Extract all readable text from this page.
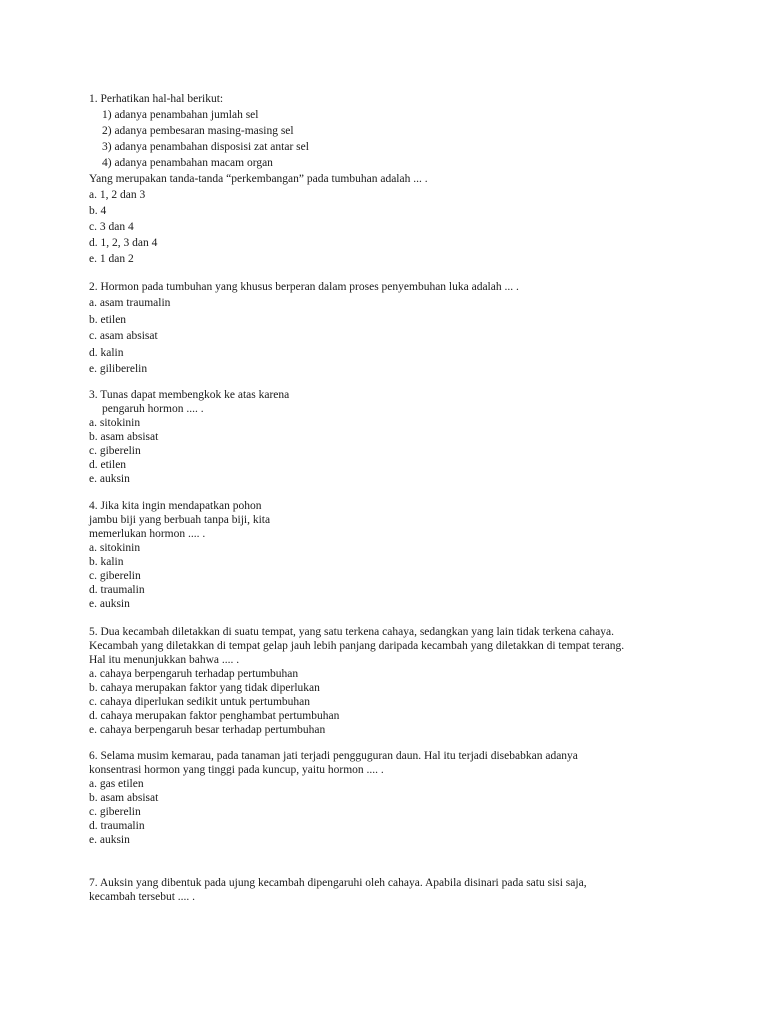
1. Perhatikan hal-hal berikut:
1) adanya penambahan jumlah sel
2) adanya pembesaran masing-masing sel
3) adanya penambahan disposisi zat antar sel
4) adanya penambahan macam organ
Yang merupakan tanda-tanda “perkembangan” pada tumbuhan adalah ... .
a. 1, 2 dan 3
b. 4
c. 3 dan 4
d. 1, 2, 3 dan 4
e. 1 dan 2
2. Hormon pada tumbuhan yang khusus berperan dalam proses penyembuhan luka adalah ... .
a. asam traumalin
b. etilen
c. asam absisat
d. kalin
e. giliberelin
3. Tunas dapat membengkok ke atas karena
pengaruh hormon .... .
a. sitokinin
b. asam absisat
c. giberelin
d. etilen
e. auksin
4. Jika kita ingin mendapatkan pohon
jambu biji yang berbuah tanpa biji, kita
memerlukan hormon .... .
a. sitokinin
b. kalin
c. giberelin
d. traumalin
e. auksin
5. Dua kecambah diletakkan di suatu tempat, yang satu terkena cahaya, sedangkan yang lain tidak terkena cahaya.
Kecambah yang diletakkan di tempat gelap jauh lebih panjang daripada kecambah yang diletakkan di tempat terang.
Hal itu menunjukkan bahwa .... .
a. cahaya berpengaruh terhadap pertumbuhan
b. cahaya merupakan faktor yang tidak diperlukan
c. cahaya diperlukan sedikit untuk pertumbuhan
d. cahaya merupakan faktor penghambat pertumbuhan
e. cahaya berpengaruh besar terhadap pertumbuhan
6. Selama musim kemarau, pada tanaman jati terjadi pengguguran daun. Hal itu terjadi disebabkan adanya
konsentrasi hormon yang tinggi pada kuncup, yaitu hormon .... .
a. gas etilen
b. asam absisat
c. giberelin
d. traumalin
e. auksin
7. Auksin yang dibentuk pada ujung kecambah dipengaruhi oleh cahaya. Apabila disinari pada satu sisi saja,
kecambah tersebut .... .
